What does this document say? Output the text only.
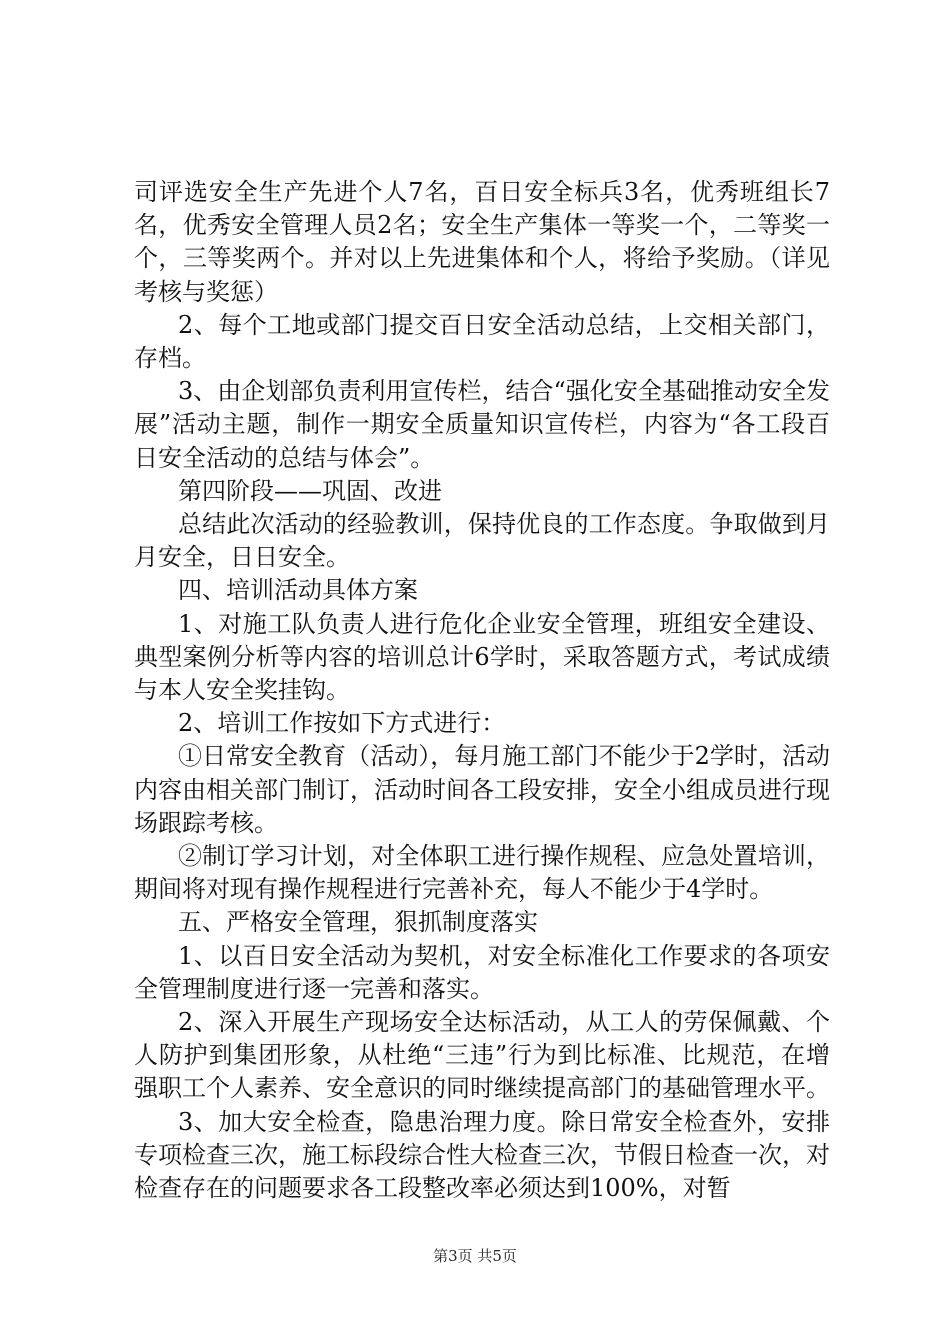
司评选安全生产先进个人7名，百日安全标兵3名，优秀班组长7名，优秀安全管理人员2名；安全生产集体一等奖一个，二等奖一个，三等奖两个。并对以上先进集体和个人，将给予奖励。（详见考核与奖惩）

2、每个工地或部门提交百日安全活动总结，上交相关部门，存档。

3、由企划部负责利用宣传栏，结合“强化安全基础推动安全发展”活动主题，制作一期安全质量知识宣传栏，内容为“各工段百日安全活动的总结与体会”。

第四阶段——巩固、改进

总结此次活动的经验教训，保持优良的工作态度。争取做到月月安全，日日安全。

四、培训活动具体方案

1、对施工队负责人进行危化企业安全管理，班组安全建设、典型案例分析等内容的培训总计6学时，采取答题方式，考试成绩与本人安全奖挂钩。

2、培训工作按如下方式进行：

①日常安全教育（活动），每月施工部门不能少于2学时，活动内容由相关部门制订，活动时间各工段安排，安全小组成员进行现场跟踪考核。

②制订学习计划，对全体职工进行操作规程、应急处置培训，期间将对现有操作规程进行完善补充，每人不能少于4学时。

五、严格安全管理，狠抓制度落实

1、以百日安全活动为契机，对安全标准化工作要求的各项安全管理制度进行逐一完善和落实。

2、深入开展生产现场安全达标活动，从工人的劳保佩戴、个人防护到集团形象，从杜绝“三违”行为到比标准、比规范，在增强职工个人素养、安全意识的同时继续提高部门的基础管理水平。

3、加大安全检查，隐患治理力度。除日常安全检查外，安排专项检查三次，施工标段综合性大检查三次，节假日检查一次，对检查存在的问题要求各工段整改率必须达到100%，对暂

第3页 共5页
